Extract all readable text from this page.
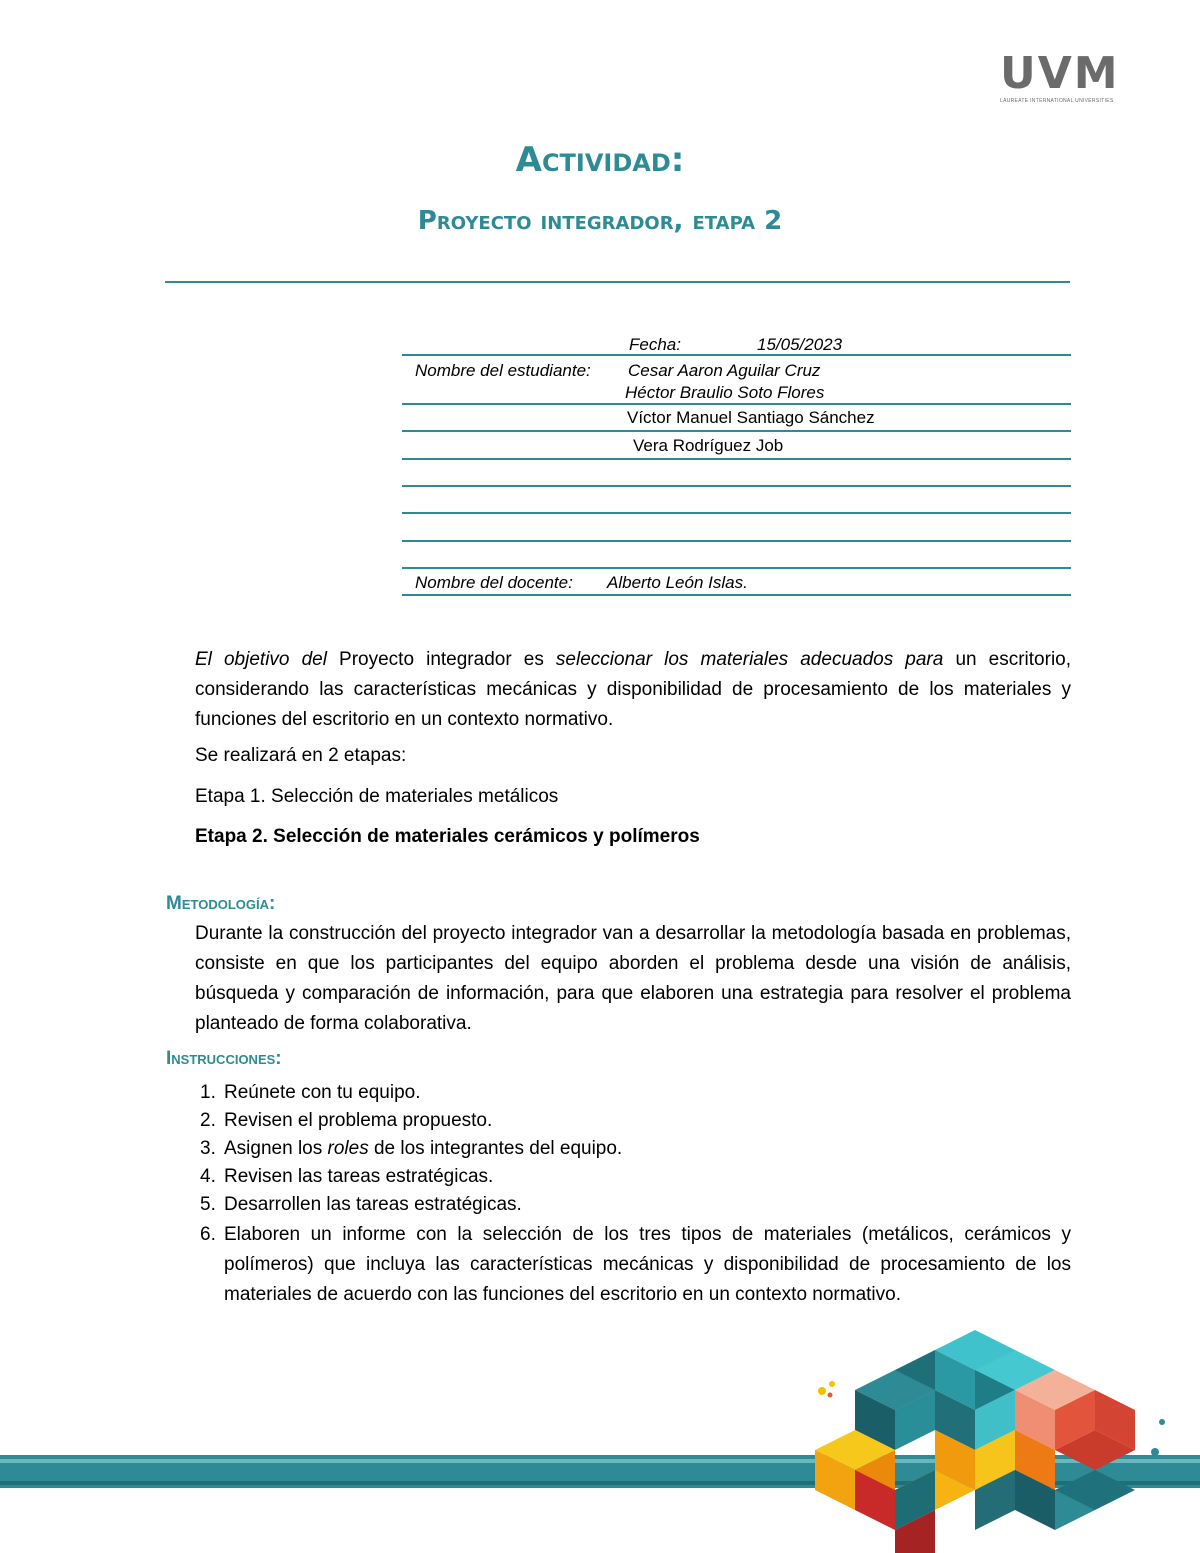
UVM
LAUREATE INTERNATIONAL UNIVERSITIES
Actividad:
Proyecto integrador, etapa 2
Fecha:	15/05/2023
Nombre del estudiante: Cesar Aaron Aguilar Cruz
Héctor Braulio Soto Flores
Víctor Manuel Santiago Sánchez
Vera Rodríguez Job
Nombre del docente: Alberto León Islas.
El objetivo del Proyecto integrador es seleccionar los materiales adecuados para un escritorio, considerando las características mecánicas y disponibilidad de procesamiento de los materiales y funciones del escritorio en un contexto normativo.
Se realizará en 2 etapas:
Etapa 1. Selección de materiales metálicos
Etapa 2. Selección de materiales cerámicos y polímeros
Metodología:
Durante la construcción del proyecto integrador van a desarrollar la metodología basada en problemas, consiste en que los participantes del equipo aborden el problema desde una visión de análisis, búsqueda y comparación de información, para que elaboren una estrategia para resolver el problema planteado de forma colaborativa.
Instrucciones:
1. Reúnete con tu equipo.
2. Revisen el problema propuesto.
3. Asignen los roles de los integrantes del equipo.
4. Revisen las tareas estratégicas.
5. Desarrollen las tareas estratégicas.
6. Elaboren un informe con la selección de los tres tipos de materiales (metálicos, cerámicos y polímeros) que incluya las características mecánicas y disponibilidad de procesamiento de los materiales de acuerdo con las funciones del escritorio en un contexto normativo.
